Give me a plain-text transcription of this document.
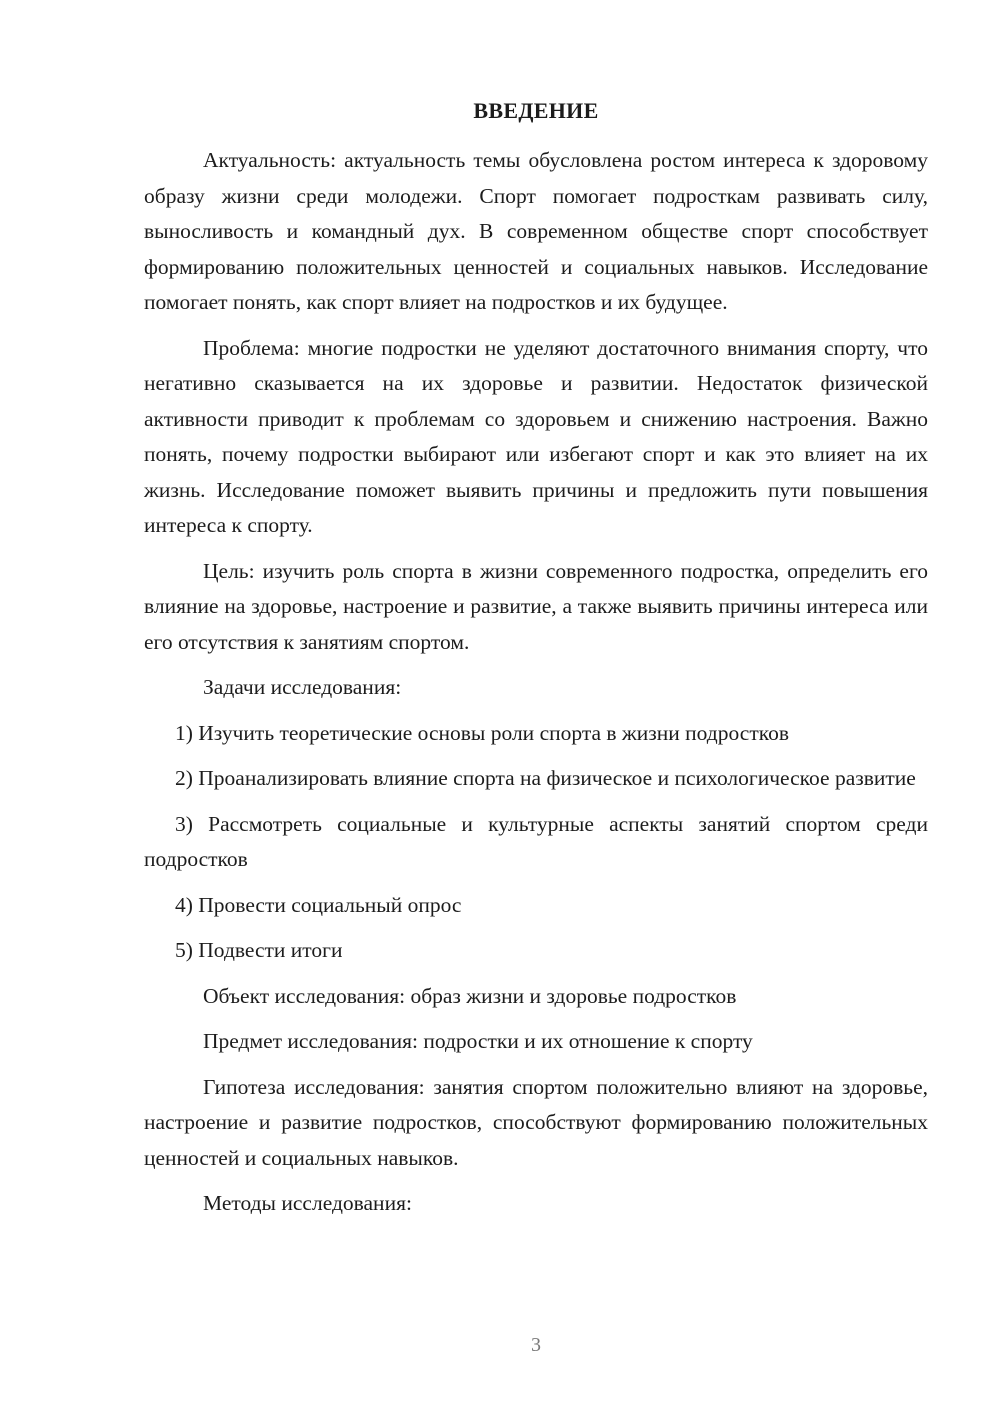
ВВЕДЕНИЕ

Актуальность: актуальность темы обусловлена ростом интереса к здоровому образу жизни среди молодежи. Спорт помогает подросткам развивать силу, выносливость и командный дух. В современном обществе спорт способствует формированию положительных ценностей и социальных навыков. Исследование помогает понять, как спорт влияет на подростков и их будущее.

Проблема: многие подростки не уделяют достаточного внимания спорту, что негативно сказывается на их здоровье и развитии. Недостаток физической активности приводит к проблемам со здоровьем и снижению настроения. Важно понять, почему подростки выбирают или избегают спорт и как это влияет на их жизнь. Исследование поможет выявить причины и предложить пути повышения интереса к спорту.

Цель: изучить роль спорта в жизни современного подростка, определить его влияние на здоровье, настроение и развитие, а также выявить причины интереса или его отсутствия к занятиям спортом.

Задачи исследования:

1) Изучить теоретические основы роли спорта в жизни подростков

2) Проанализировать влияние спорта на физическое и психологическое развитие

3) Рассмотреть социальные и культурные аспекты занятий спортом среди подростков

4) Провести социальный опрос

5) Подвести итоги

Объект исследования: образ жизни и здоровье подростков

Предмет исследования: подростки и их отношение к спорту

Гипотеза исследования: занятия спортом положительно влияют на здоровье, настроение и развитие подростков, способствуют формированию положительных ценностей и социальных навыков.

Методы исследования:

3
